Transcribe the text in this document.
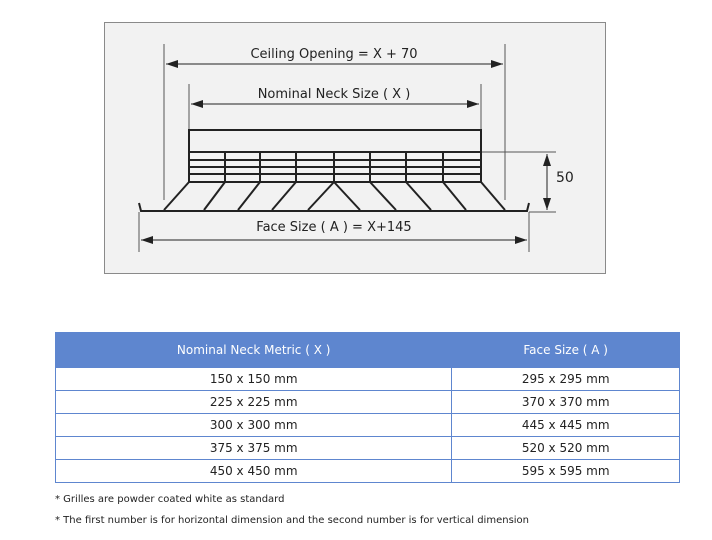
Ceiling Opening = X + 70
Nominal Neck Size ( X )
Face Size ( A ) = X+145
50
Nominal Neck Metric ( X )	Face Size ( A )
150 x 150 mm	295 x 295 mm
225 x 225 mm	370 x 370 mm
300 x 300 mm	445 x 445 mm
375 x 375 mm	520 x 520 mm
450 x 450 mm	595 x 595 mm
* Grilles are powder coated white as standard
* The first number is for horizontal dimension and the second number is for vertical dimension
